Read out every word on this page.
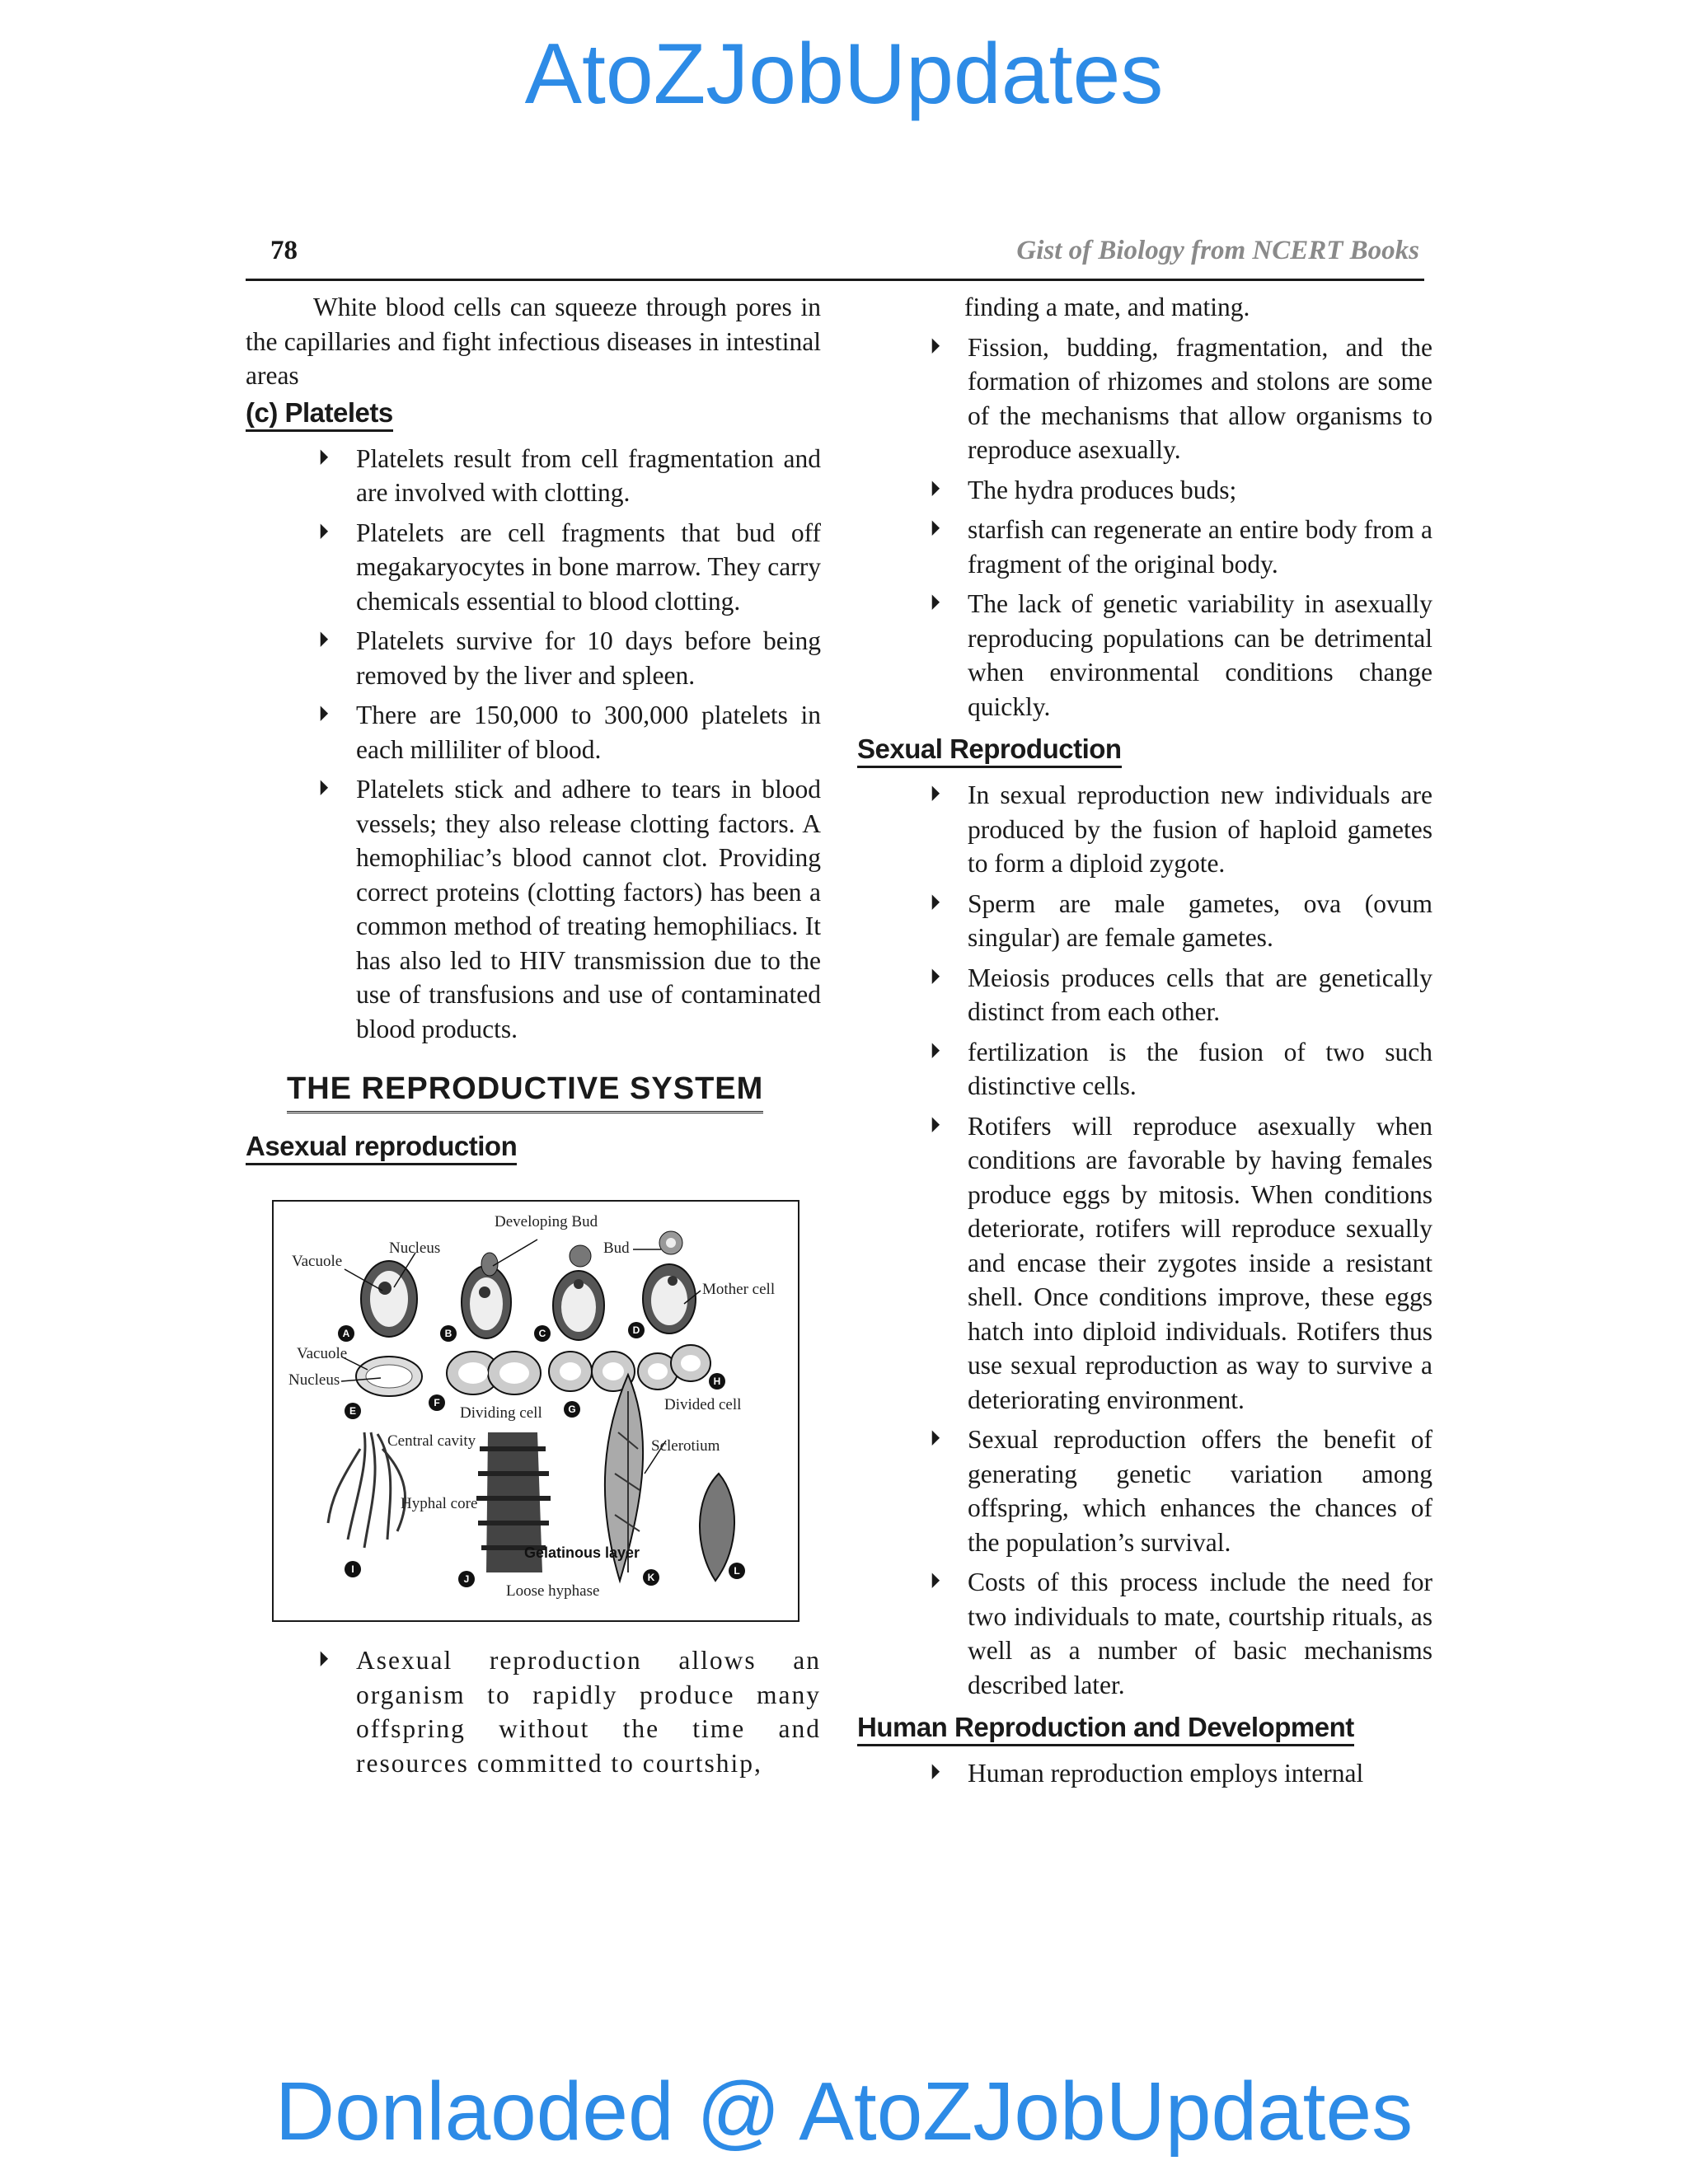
AtoZJobUpdates
78	Gist of Biology from NCERT Books

White blood cells can squeeze through pores in the capillaries and fight infectious diseases in intestinal areas

(c) Platelets
⏵ Platelets result from cell fragmentation and are involved with clotting.
⏵ Platelets are cell fragments that bud off megakaryocytes in bone marrow. They carry chemicals essential to blood clotting.
⏵ Platelets survive for 10 days before being removed by the liver and spleen.
⏵ There are 150,000 to 300,000 platelets in each milliliter of blood.
⏵ Platelets stick and adhere to tears in blood vessels; they also release clotting factors. A hemophiliac’s blood cannot clot. Providing correct proteins (clotting factors) has been a common method of treating hemophiliacs. It has also led to HIV transmission due to the use of transfusions and use of contaminated blood products.
THE REPRODUCTIVE SYSTEM
Asexual reproduction
Developing Bud
Nucleus	Bud
Vacuole
Mother cell
Vacuole
Nucleus
Dividing cell	Divided cell
Central cavity	Sclerotium
Hyphal core
Gelatinous layer
Loose hyphase
A	B	C	D
E
F
G
H
I
J	K
L
⏵ Asexual reproduction allows an organism to rapidly produce many offspring without the time and resources committed to courtship,

finding a mate, and mating.

⏵ Fission, budding, fragmentation, and the formation of rhizomes and stolons are some of the mechanisms that allow organisms to reproduce asexually.
⏵ The hydra produces buds;
⏵ starfish can regenerate an entire body from a fragment of the original body.
⏵ The lack of genetic variability in asexually reproducing populations can be detrimental when environmental conditions change quickly.
Sexual Reproduction
⏵ In sexual reproduction new individuals are produced by the fusion of haploid gametes to form a diploid zygote.
⏵ Sperm are male gametes, ova (ovum singular) are female gametes.
⏵ Meiosis produces cells that are genetically distinct from each other.
⏵ fertilization is the fusion of two such distinctive cells.
⏵ Rotifers will reproduce asexually when conditions are favorable by having females produce eggs by mitosis. When conditions deteriorate, rotifers will reproduce sexually and encase their zygotes inside a resistant shell. Once conditions improve, these eggs hatch into diploid individuals. Rotifers thus use sexual reproduction as way to survive a deteriorating environment.
⏵ Sexual reproduction offers the benefit of generating genetic variation among offspring, which enhances the chances of the population’s survival.
⏵ Costs of this process include the need for two individuals to mate, courtship rituals, as well as a number of basic mechanisms described later.
Human Reproduction and Development
⏵ Human reproduction employs internal
Donlaoded @ AtoZJobUpdates
